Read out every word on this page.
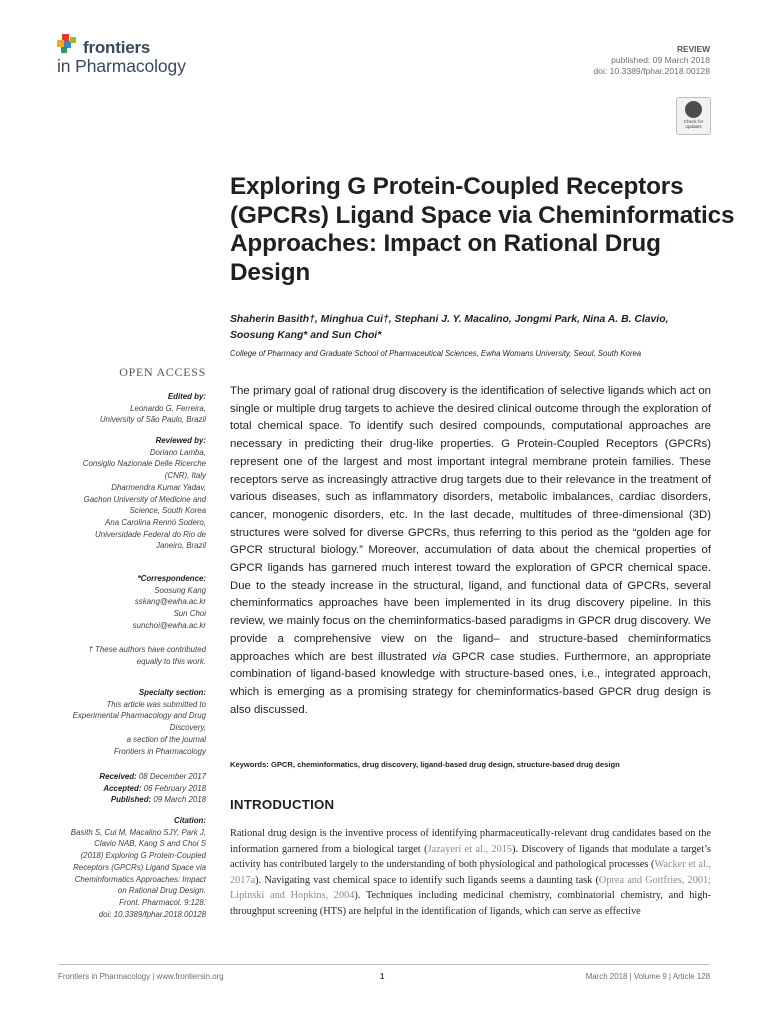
frontiers
in Pharmacology
REVIEW
published: 09 March 2018
doi: 10.3389/fphar.2018.00128
Check for updates
Exploring G Protein-Coupled Receptors (GPCRs) Ligand Space via Cheminformatics Approaches: Impact on Rational Drug Design
Shaherin Basith†, Minghua Cui†, Stephani J. Y. Macalino, Jongmi Park, Nina A. B. Clavio,
Soosung Kang* and Sun Choi*
College of Pharmacy and Graduate School of Pharmaceutical Sciences, Ewha Womans University, Seoul, South Korea
OPEN ACCESS
Edited by:
Leonardo G. Ferreira,
University of São Paulo, Brazil
Reviewed by:
Doriano Lamba,
Consiglio Nazionale Delle Ricerche
(CNR), Italy
Dharmendra Kumar Yadav,
Gachon University of Medicine and
Science, South Korea
Ana Carolina Rennó Sodero,
Universidade Federal do Rio de
Janeiro, Brazil
*Correspondence:
Soosung Kang
sskang@ewha.ac.kr
Sun Choi
sunchoi@ewha.ac.kr
† These authors have contributed
equally to this work.
Specialty section:
This article was submitted to
Experimental Pharmacology and Drug
Discovery,
a section of the journal
Frontiers in Pharmacology
Received: 08 December 2017
Accepted: 06 February 2018
Published: 09 March 2018
Citation:
Basith S, Cui M, Macalino SJY, Park J,
Clavio NAB, Kang S and Choi S
(2018) Exploring G Protein-Coupled
Receptors (GPCRs) Ligand Space via
Cheminformatics Approaches: Impact
on Rational Drug Design.
Front. Pharmacol. 9:128.
doi: 10.3389/fphar.2018.00128
The primary goal of rational drug discovery is the identification of selective ligands which act on single or multiple drug targets to achieve the desired clinical outcome through the exploration of total chemical space. To identify such desired compounds, computational approaches are necessary in predicting their drug-like properties. G Protein-Coupled Receptors (GPCRs) represent one of the largest and most important integral membrane protein families. These receptors serve as increasingly attractive drug targets due to their relevance in the treatment of various diseases, such as inflammatory disorders, metabolic imbalances, cardiac disorders, cancer, monogenic disorders, etc. In the last decade, multitudes of three-dimensional (3D) structures were solved for diverse GPCRs, thus referring to this period as the “golden age for GPCR structural biology.” Moreover, accumulation of data about the chemical properties of GPCR ligands has garnered much interest toward the exploration of GPCR chemical space. Due to the steady increase in the structural, ligand, and functional data of GPCRs, several cheminformatics approaches have been implemented in its drug discovery pipeline. In this review, we mainly focus on the cheminformatics-based paradigms in GPCR drug discovery. We provide a comprehensive view on the ligand– and structure-based cheminformatics approaches which are best illustrated via GPCR case studies. Furthermore, an appropriate combination of ligand-based knowledge with structure-based ones, i.e., integrated approach, which is emerging as a promising strategy for cheminformatics-based GPCR drug design is also discussed.
Keywords: GPCR, cheminformatics, drug discovery, ligand-based drug design, structure-based drug design
INTRODUCTION
Rational drug design is the inventive process of identifying pharmaceutically-relevant drug candidates based on the information garnered from a biological target (Jazayeri et al., 2015). Discovery of ligands that modulate a target’s activity has contributed largely to the understanding of both physiological and pathological processes (Wacker et al., 2017a). Navigating vast chemical space to identify such ligands seems a daunting task (Oprea and Gottfries, 2001; Lipinski and Hopkins, 2004). Techniques including medicinal chemistry, combinatorial chemistry, and high-throughput screening (HTS) are helpful in the identification of ligands, which can serve as effective
Frontiers in Pharmacology | www.frontiersin.org	1	March 2018 | Volume 9 | Article 128
